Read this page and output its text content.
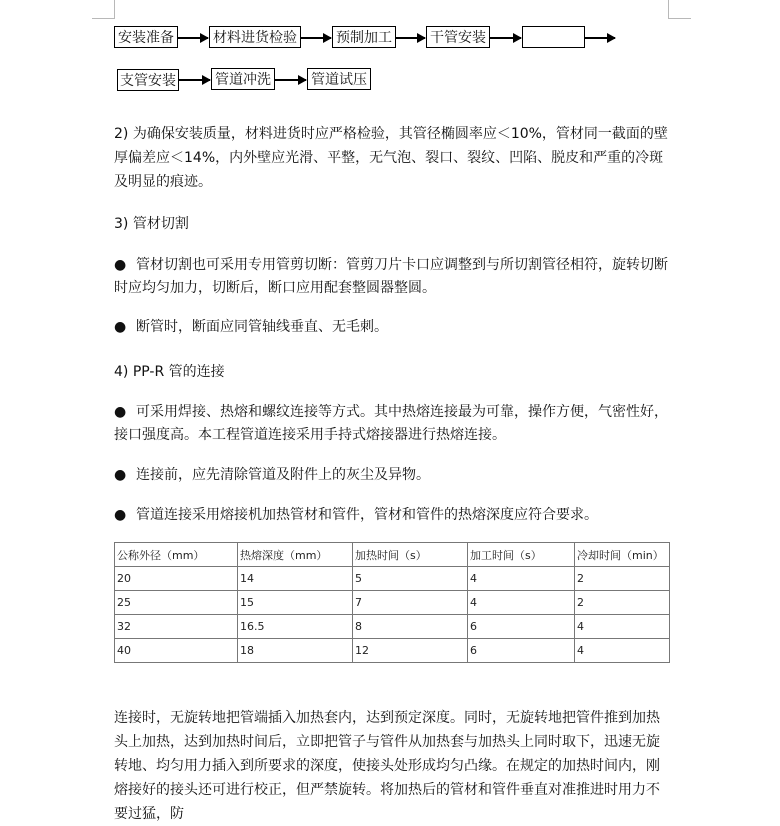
安装准备	材料进货检验	预制加工	干管安装
支管安装	管道冲洗	管道试压

2) 为确保安装质量，材料进货时应严格检验，其管径椭圆率应＜10%，管材同一截面的壁厚偏差应＜14%，内外壁应光滑、平整，无气泡、裂口、裂纹、凹陷、脱皮和严重的冷斑及明显的痕迹。

3) 管材切割

● 管材切割也可采用专用管剪切断：管剪刀片卡口应调整到与所切割管径相符，旋转切断时应均匀加力，切断后，断口应用配套整圆器整圆。

● 断管时，断面应同管轴线垂直、无毛刺。

4) PP-R 管的连接

● 可采用焊接、热熔和螺纹连接等方式。其中热熔连接最为可靠，操作方便，气密性好，接口强度高。本工程管道连接采用手持式熔接器进行热熔连接。

● 连接前，应先清除管道及附件上的灰尘及异物。

● 管道连接采用熔接机加热管材和管件，管材和管件的热熔深度应符合要求。

公称外径（mm）	热熔深度（mm）	加热时间（s）	加工时间（s）	冷却时间（min）
20	14	5	4	2
25	15	7	4	2
32	16.5	8	6	4
40	18	12	6	4

连接时，无旋转地把管端插入加热套内，达到预定深度。同时，无旋转地把管件推到加热头上加热，达到加热时间后，立即把管子与管件从加热套与加热头上同时取下，迅速无旋转地、均匀用力插入到所要求的深度，使接头处形成均匀凸缘。在规定的加热时间内，刚熔接好的接头还可进行校正，但严禁旋转。将加热后的管材和管件垂直对准推进时用力不要过猛，防
